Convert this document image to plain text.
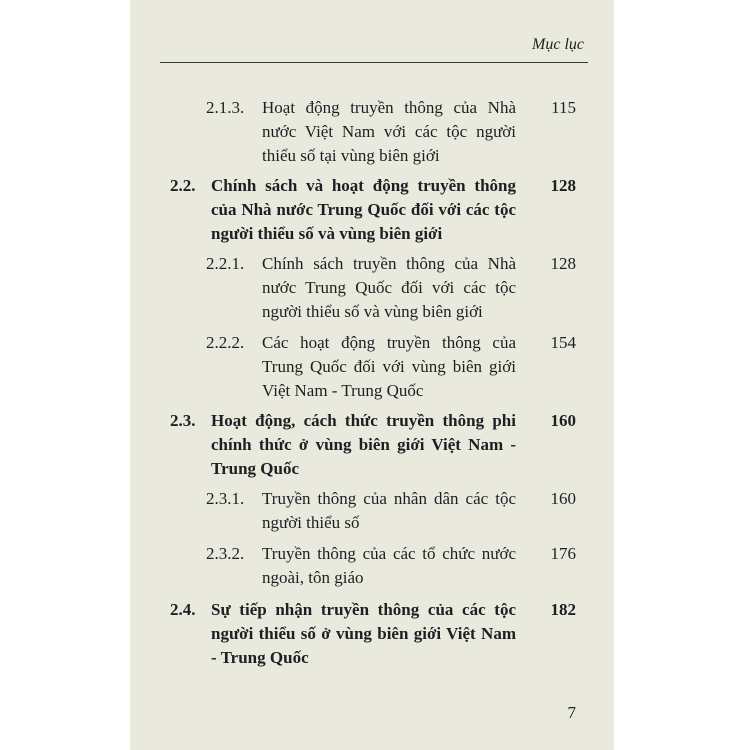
Mục lục
2.1.3. Hoạt động truyền thông của Nhà nước Việt Nam với các tộc người thiểu số tại vùng biên giới
115
2.2. Chính sách và hoạt động truyền thông của Nhà nước Trung Quốc đối với các tộc người thiểu số và vùng biên giới
128
2.2.1. Chính sách truyền thông của Nhà nước Trung Quốc đối với các tộc người thiểu số và vùng biên giới
128
2.2.2. Các hoạt động truyền thông của Trung Quốc đối với vùng biên giới Việt Nam - Trung Quốc
154
2.3. Hoạt động, cách thức truyền thông phi chính thức ở vùng biên giới Việt Nam - Trung Quốc
160
2.3.1. Truyền thông của nhân dân các tộc người thiểu số
160
2.3.2. Truyền thông của các tổ chức nước ngoài, tôn giáo
176
2.4. Sự tiếp nhận truyền thông của các tộc người thiểu số ở vùng biên giới Việt Nam - Trung Quốc
182
7
